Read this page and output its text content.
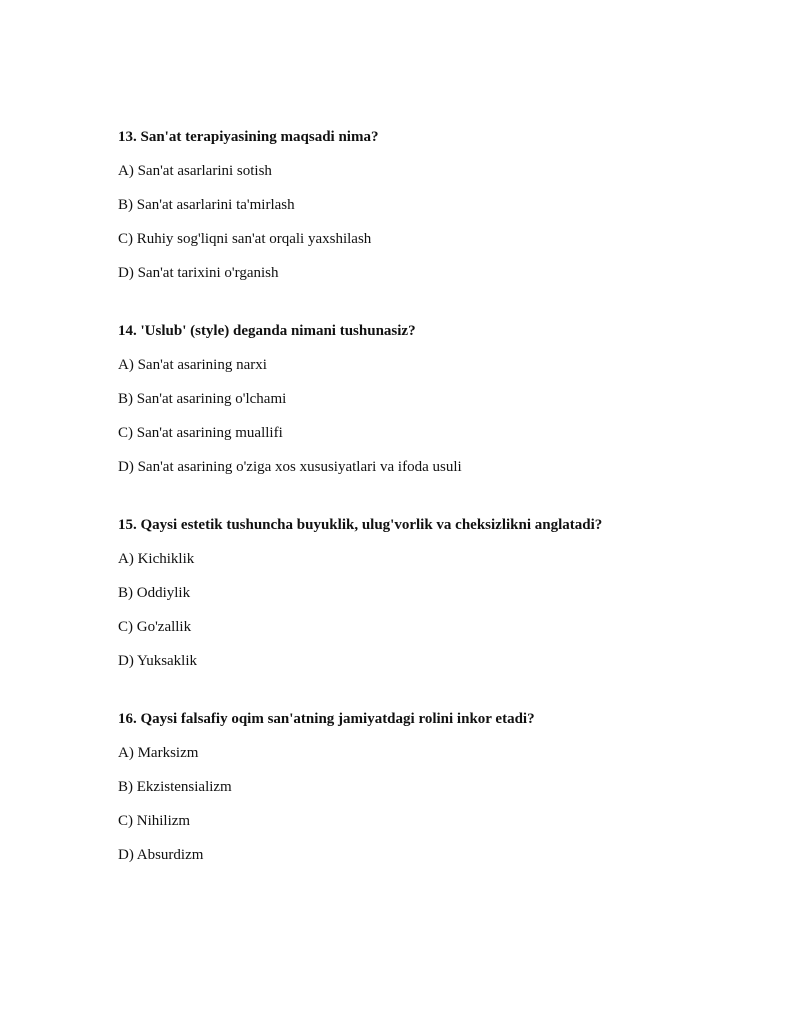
13. San'at terapiyasining maqsadi nima?

A) San'at asarlarini sotish
B) San'at asarlarini ta'mirlash
C) Ruhiy sog'liqni san'at orqali yaxshilash
D) San'at tarixini o'rganish

14. 'Uslub' (style) deganda nimani tushunasiz?

A) San'at asarining narxi
B) San'at asarining o'lchami
C) San'at asarining muallifi
D) San'at asarining o'ziga xos xususiyatlari va ifoda usuli

15. Qaysi estetik tushuncha buyuklik, ulug'vorlik va cheksizlikni anglatadi?

A) Kichiklik
B) Oddiylik
C) Go'zallik
D) Yuksaklik

16. Qaysi falsafiy oqim san'atning jamiyatdagi rolini inkor etadi?

A) Marksizm
B) Ekzistensializm
C) Nihilizm
D) Absurdizm
